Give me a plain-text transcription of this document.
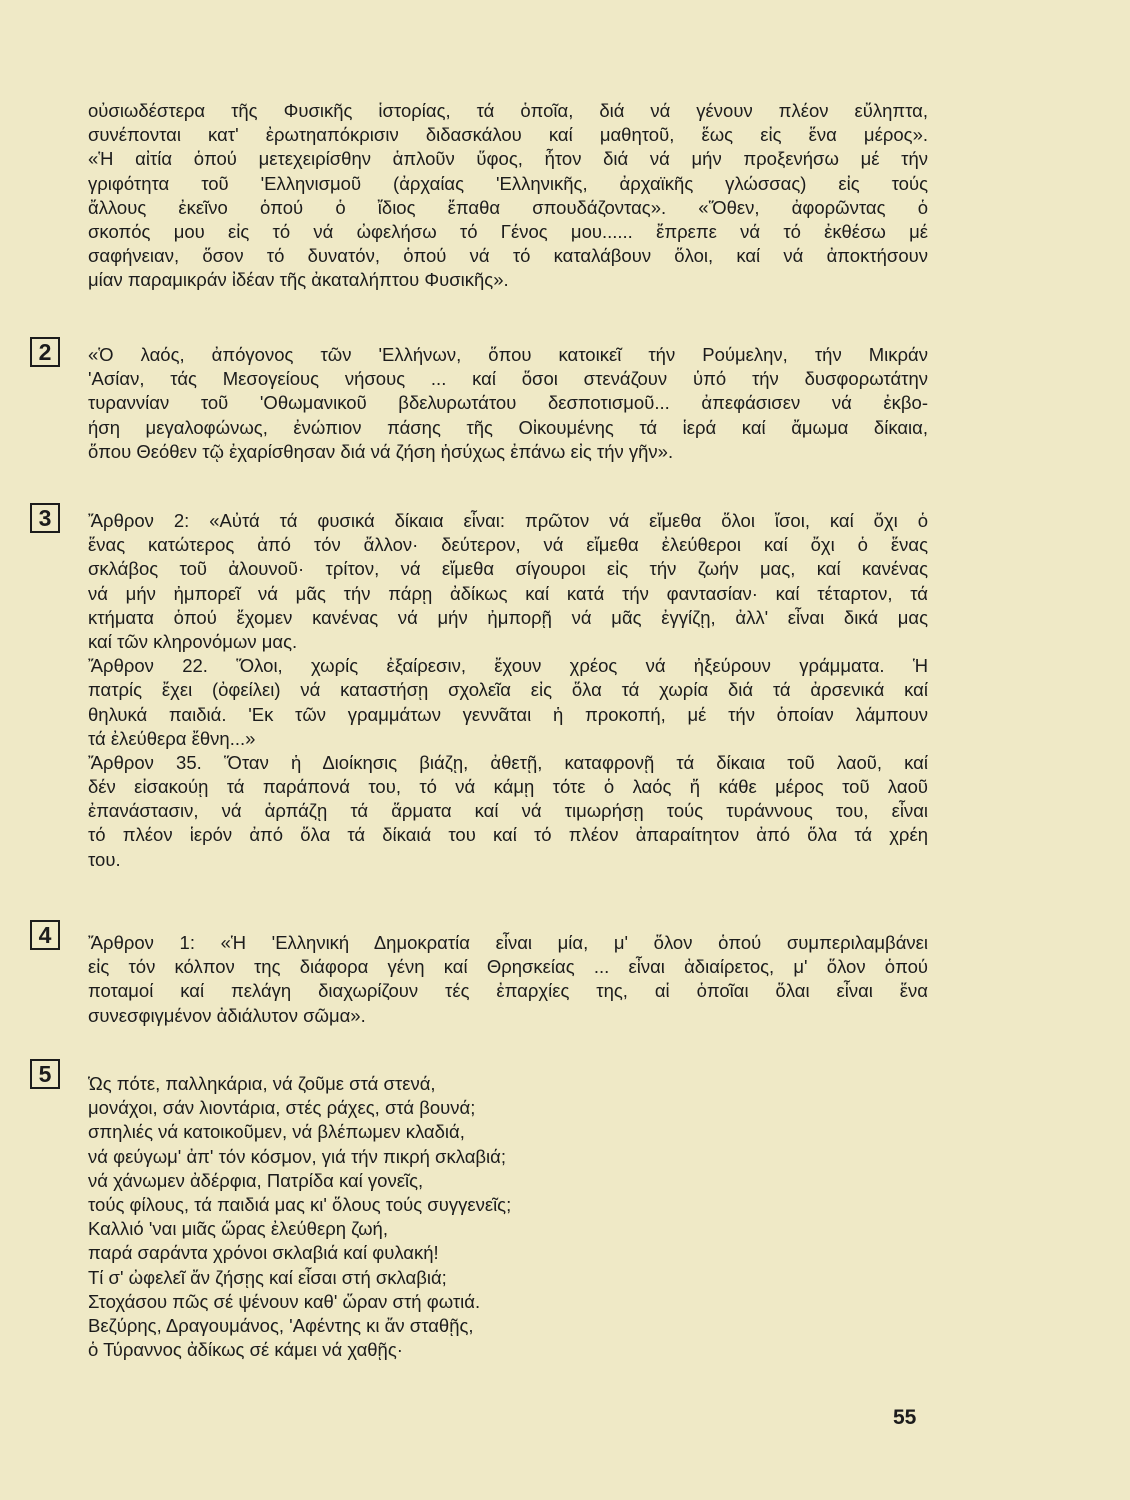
οὐσιωδέστερα τῆς Φυσικῆς ἱστορίας, τά ὁποῖα, διά νά γένουν πλέον εὔληπτα,
συνέπονται κατ' ἐρωτηαπόκρισιν διδασκάλου καί μαθητοῦ, ἕως εἰς ἕνα μέρος».
«Ἡ αἰτία ὁπού μετεχειρίσθην ἁπλοῦν ὕφος, ἦτον διά νά μήν προξενήσω μέ τήν
γριφότητα τοῦ 'Ελληνισμοῦ (ἀρχαίας 'Ελληνικῆς, ἀρχαϊκῆς γλώσσας) εἰς τούς
ἄλλους ἐκεῖνο ὁπού ὁ ἴδιος ἔπαθα σπουδάζοντας». «Ὅθεν, ἀφορῶντας ὁ
σκοπός μου εἰς τό νά ὠφελήσω τό Γένος μου...... ἔπρεπε νά τό ἐκθέσω μέ
σαφήνειαν, ὅσον τό δυνατόν, ὁπού νά τό καταλάβουν ὅλοι, καί νά ἀποκτήσουν
μίαν παραμικράν ἰδέαν τῆς ἀκαταλήπτου Φυσικῆς».
2	«Ὁ λαός, ἀπόγονος τῶν 'Ελλήνων, ὅπου κατοικεῖ τήν Ρούμελην, τήν Μικράν
'Ασίαν, τάς Μεσογείους νήσους ... καί ὅσοι στενάζουν ὑπό τήν δυσφορωτάτην
τυραννίαν τοῦ 'Οθωμανικοῦ βδελυρωτάτου δεσποτισμοῦ... ἀπεφάσισεν νά ἐκβο-
ήση μεγαλοφώνως, ἐνώπιον πάσης τῆς Οἰκουμένης τά ἱερά καί ἄμωμα δίκαια,
ὅπου Θεόθεν τῷ ἐχαρίσθησαν διά νά ζήση ἡσύχως ἐπάνω εἰς τήν γῆν».
3	Ἄρθρον 2: «Αὐτά τά φυσικά δίκαια εἶναι: πρῶτον νά εἴμεθα ὅλοι ἴσοι, καί ὄχι ὁ
ἕνας κατώτερος ἀπό τόν ἄλλον· δεύτερον, νά εἴμεθα ἐλεύθεροι καί ὄχι ὁ ἕνας
σκλάβος τοῦ ἀλουνοῦ· τρίτον, νά εἴμεθα σίγουροι εἰς τήν ζωήν μας, καί κανένας
νά μήν ἠμπορεῖ νά μᾶς τήν πάρῃ ἀδίκως καί κατά τήν φαντασίαν· καί τέταρτον, τά
κτήματα ὁπού ἔχομεν κανένας νά μήν ἠμπορῇ νά μᾶς ἐγγίζῃ, ἀλλ' εἶναι δικά μας
καί τῶν κληρονόμων μας.
Ἄρθρον 22. Ὅλοι, χωρίς ἐξαίρεσιν, ἔχουν χρέος νά ἠξεύρουν γράμματα. Ἡ
πατρίς ἔχει (ὀφείλει) νά καταστήσῃ σχολεῖα εἰς ὅλα τά χωρία διά τά ἀρσενικά καί
θηλυκά παιδιά. 'Εκ τῶν γραμμάτων γεννᾶται ἡ προκοπή, μέ τήν ὁποίαν λάμπουν
τά ἐλεύθερα ἔθνη...»
Ἄρθρον 35. Ὅταν ἡ Διοίκησις βιάζῃ, ἀθετῇ, καταφρονῇ τά δίκαια τοῦ λαοῦ, καί
δέν εἰσακούῃ τά παράπονά του, τό νά κάμῃ τότε ὁ λαός ἤ κάθε μέρος τοῦ λαοῦ
ἐπανάστασιν, νά ἁρπάζῃ τά ἅρματα καί νά τιμωρήσῃ τούς τυράννους του, εἶναι
τό πλέον ἱερόν ἀπό ὅλα τά δίκαιά του καί τό πλέον ἀπαραίτητον ἀπό ὅλα τά χρέη
του.
4	Ἄρθρον 1: «Ἡ 'Ελληνική Δημοκρατία εἶναι μία, μ' ὅλον ὁπού συμπεριλαμβάνει
εἰς τόν κόλπον της διάφορα γένη καί Θρησκείας ... εἶναι ἀδιαίρετος, μ' ὅλον ὁπού
ποταμοί καί πελάγη διαχωρίζουν τές ἐπαρχίες της, αἱ ὁποῖαι ὅλαι εἶναι ἕνα
συνεσφιγμένον ἀδιάλυτον σῶμα».
5	Ὡς πότε, παλληκάρια, νά ζοῦμε στά στενά,
μονάχοι, σάν λιοντάρια, στές ράχες, στά βουνά;
σπηλιές νά κατοικοῦμεν, νά βλέπωμεν κλαδιά,
νά φεύγωμ' ἀπ' τόν κόσμον, γιά τήν πικρή σκλαβιά;
νά χάνωμεν ἀδέρφια, Πατρίδα καί γονεῖς,
τούς φίλους, τά παιδιά μας κι' ὅλους τούς συγγενεῖς;
Καλλιό 'ναι μιᾶς ὥρας ἐλεύθερη ζωή,
παρά σαράντα χρόνοι σκλαβιά καί φυλακή!
Τί σ' ὠφελεῖ ἄν ζήσῃς καί εἶσαι στή σκλαβιά;
Στοχάσου πῶς σέ ψένουν καθ' ὥραν στή φωτιά.
Βεζύρης, Δραγουμάνος, 'Αφέντης κι ἄν σταθῇς,
ὁ Τύραννος ἀδίκως σέ κάμει νά χαθῇς·
55
